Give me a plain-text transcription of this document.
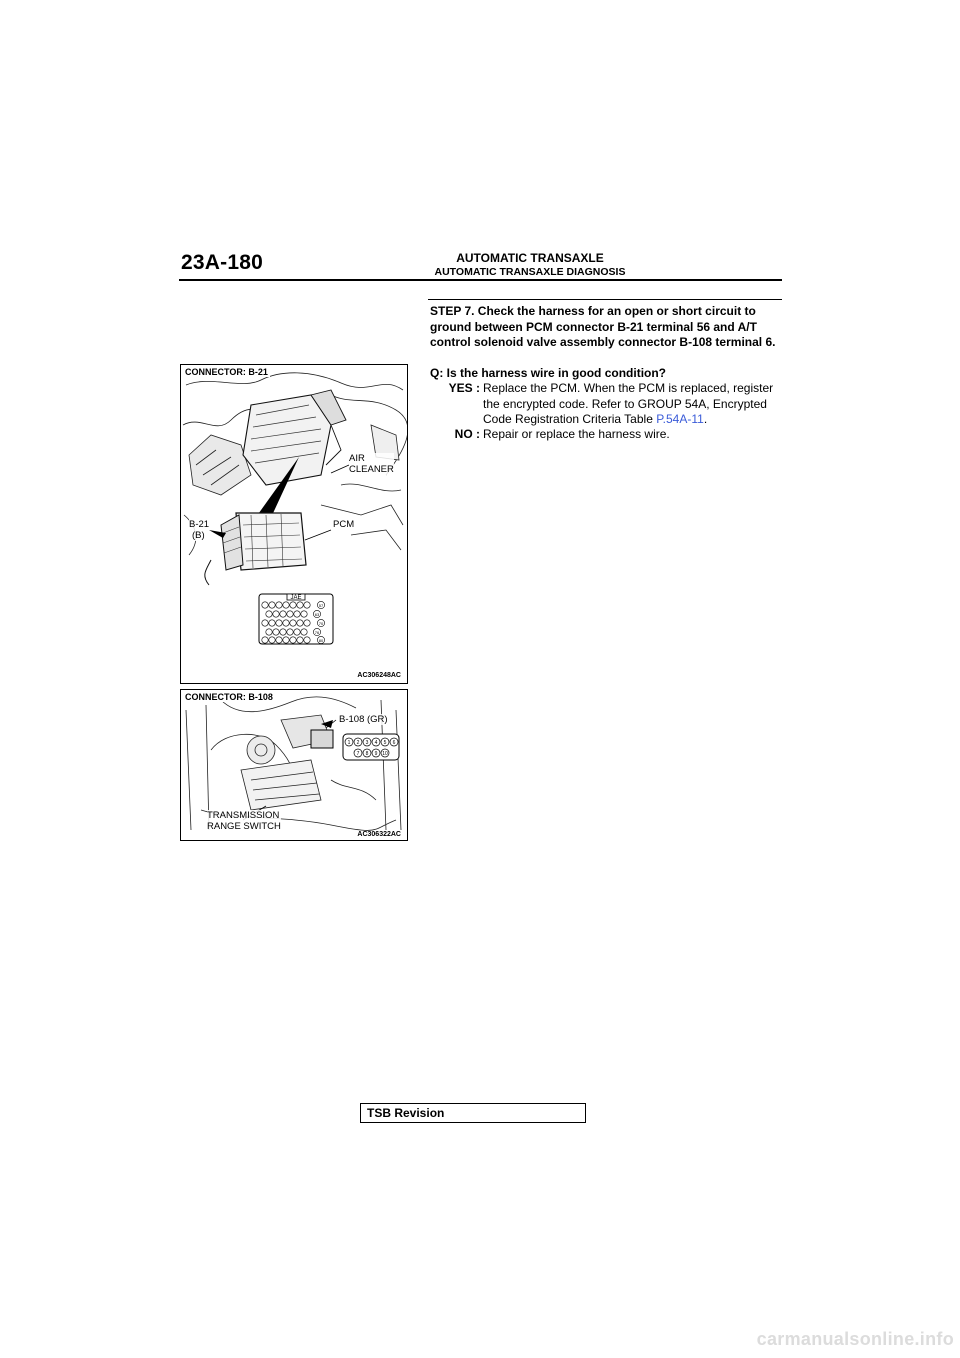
23A-180	AUTOMATIC TRANSAXLE
AUTOMATIC TRANSAXLE DIAGNOSIS
57
63
70
76
80
JAE
CONNECTOR: B-21
AIR
CLEANER
B-21
(B)
PCM
AC306248AC
1 2 3 4 5 6
7 8 9 10
CONNECTOR: B-108
B-108 (GR)
TRANSMISSION
RANGE SWITCH
AC306322AC
STEP 7. Check the harness for an open or short circuit to ground between PCM connector B-21 terminal 56 and A/T control solenoid valve assembly connector B-108 terminal 6.
Q: Is the harness wire in good condition?
YES : Replace the PCM. When the PCM is replaced, register the encrypted code. Refer to GROUP 54A, Encrypted Code Registration Criteria Table P.54A-11.
NO : Repair or replace the harness wire.
TSB Revision
carmanualsonline.info
